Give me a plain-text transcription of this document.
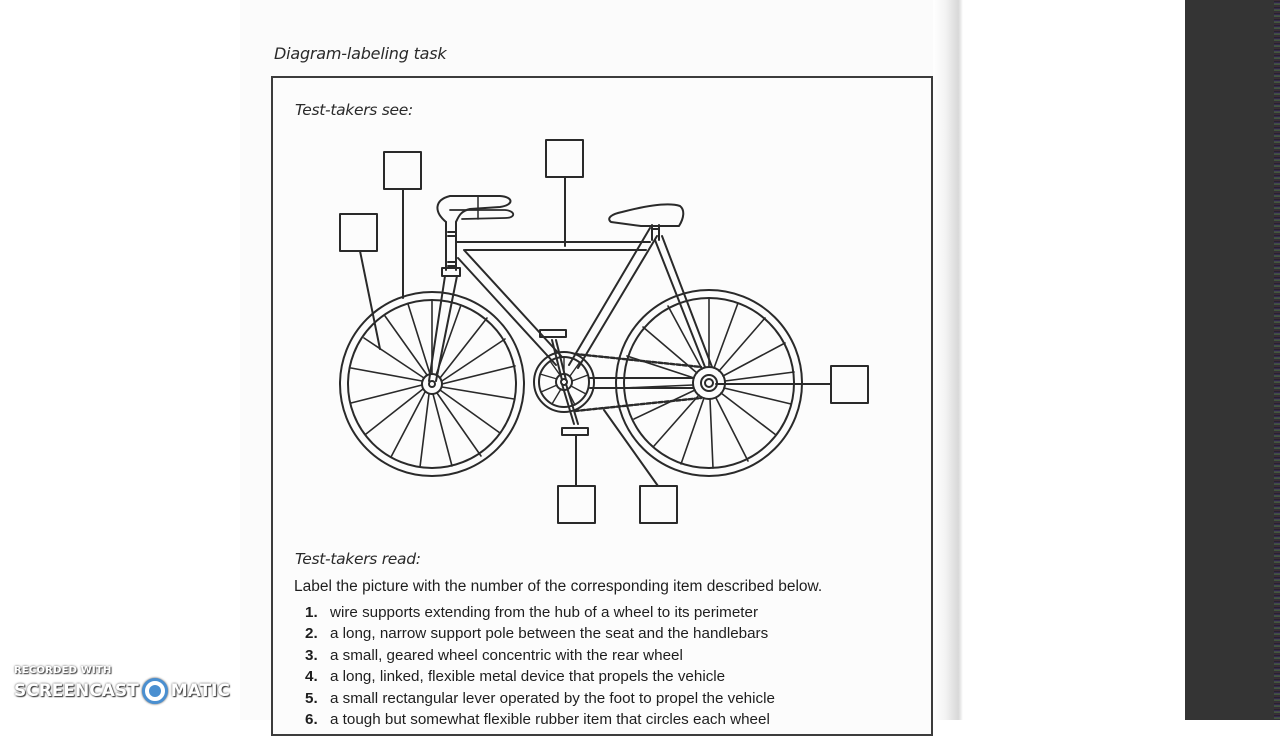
Diagram-labeling task
Test-takers see:
Test-takers read:
Label the picture with the number of the corresponding item described below.
1. wire supports extending from the hub of a wheel to its perimeter
2. a long, narrow support pole between the seat and the handlebars
3. a small, geared wheel concentric with the rear wheel
4. a long, linked, flexible metal device that propels the vehicle
5. a small rectangular lever operated by the foot to propel the vehicle
6. a tough but somewhat flexible rubber item that circles each wheel
RECORDED WITH
SCREENCAST MATIC
